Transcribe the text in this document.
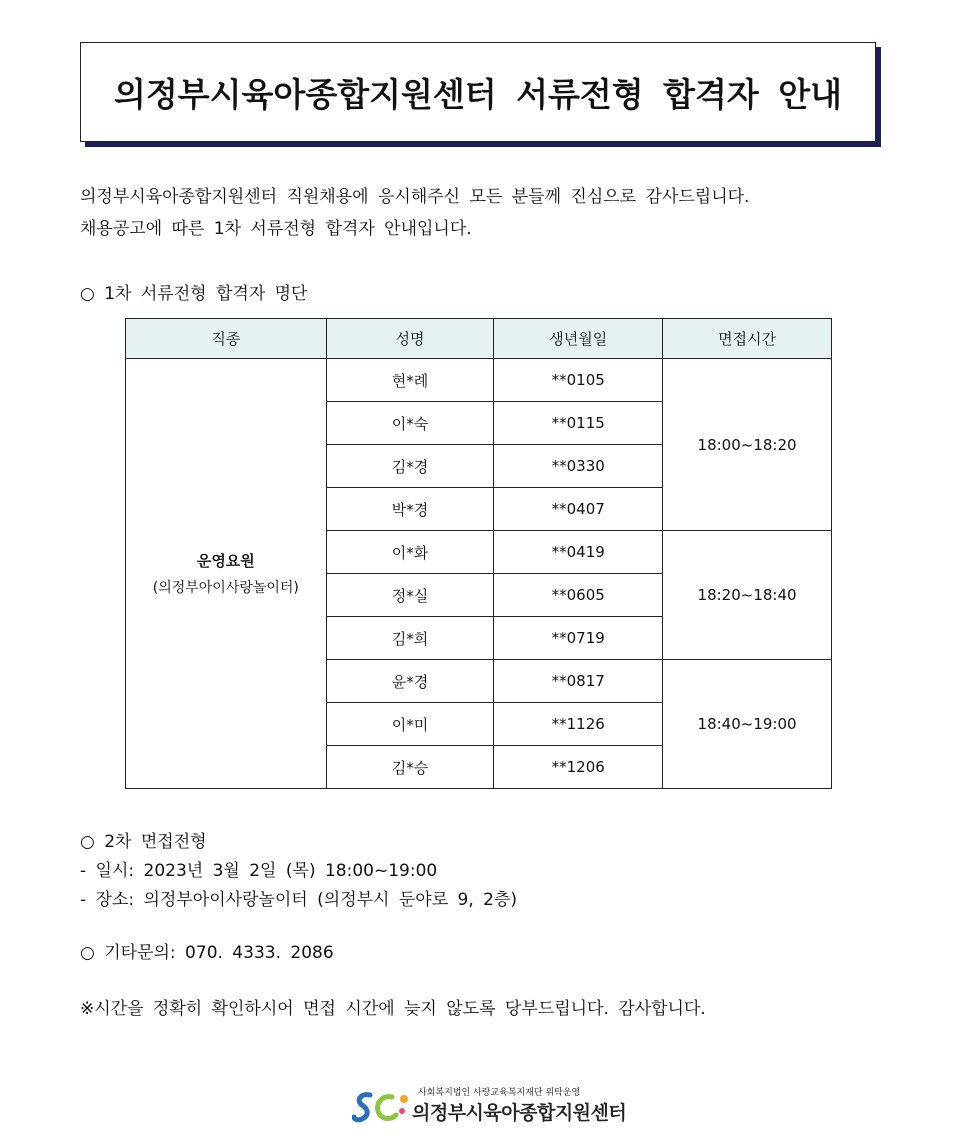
의정부시육아종합지원센터 서류전형 합격자 안내
의정부시육아종합지원센터 직원채용에 응시해주신 모든 분들께 진심으로 감사드립니다.
채용공고에 따른 1차 서류전형 합격자 안내입니다.
○ 1차 서류전형 합격자 명단
직종	성명	생년월일	면접시간

운영요원
(의정부아이사랑놀이터)	현*례	**0105	18:00~18:20
	이*숙	**0115	
	김*경	**0330	
	박*경	**0407	
	이*화	**0419	18:20~18:40
	정*실	**0605	
	김*희	**0719	
	윤*경	**0817	18:40~19:00
	이*미	**1126	
	김*승	**1206	
○ 2차 면접전형
- 일시: 2023년 3월 2일 (목) 18:00~19:00
- 장소: 의정부아이사랑놀이터 (의정부시 둔야로 9, 2층)
○ 기타문의: 070. 4333. 2086
※시간을 정확히 확인하시어 면접 시간에 늦지 않도록 당부드립니다. 감사합니다.
사회복지법인 사랑교육복지재단 위탁운영
의정부시육아종합지원센터
